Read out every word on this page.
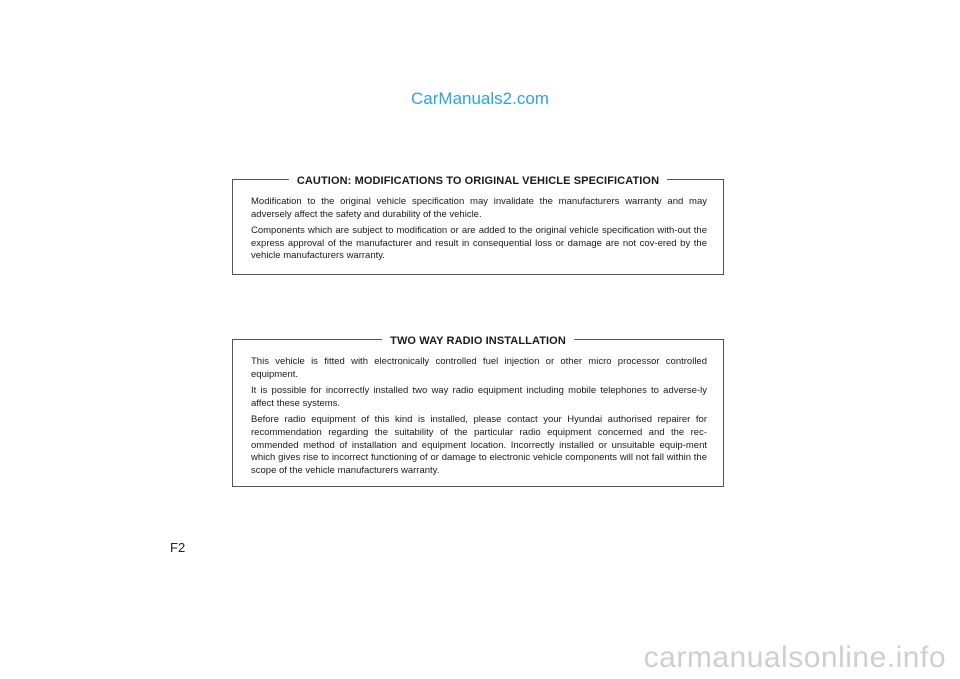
CarManuals2.com
CAUTION: MODIFICATIONS TO ORIGINAL VEHICLE SPECIFICATION

Modification to the original vehicle specification may invalidate the manufacturers warranty and may adversely affect the safety and durability of the vehicle.

Components which are subject to modification or are added to the original vehicle specification with-out the express approval of the manufacturer and result in consequential loss or damage are not cov-ered by the vehicle manufacturers warranty.

TWO WAY RADIO INSTALLATION

This vehicle is fitted with electronically controlled fuel injection or other micro processor controlled equipment.

It is possible for incorrectly installed two way radio equipment including mobile telephones to adverse-ly affect these systems.

Before radio equipment of this kind is installed, please contact your Hyundai authorised repairer for recommendation regarding the suitability of the particular radio equipment concerned and the rec-ommended method of installation and equipment location. Incorrectly installed or unsuitable equip-ment which gives rise to incorrect functioning of or damage to electronic vehicle components will not fall within the scope of the vehicle manufacturers warranty.

F2
carmanualsonline.info
